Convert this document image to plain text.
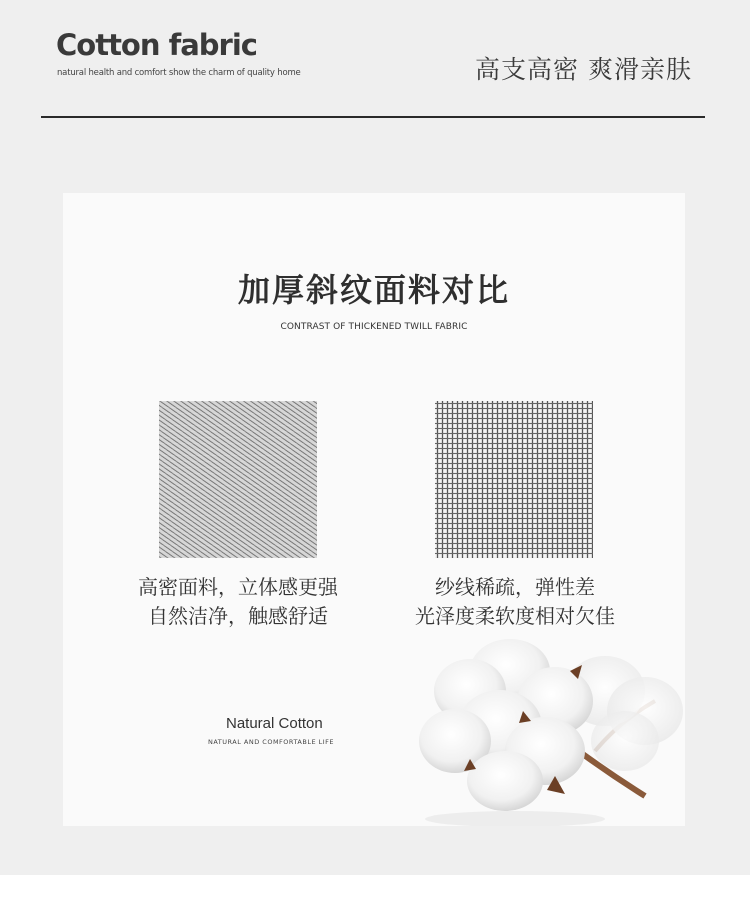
Cotton fabric
natural health and comfort show the charm of quality home	高支高密 爽滑亲肤
加厚斜纹面料对比
CONTRAST OF THICKENED TWILL FABRIC
高密面料，立体感更强
自然洁净，触感舒适
纱线稀疏，弹性差
光泽度柔软度相对欠佳
Natural Cotton
NATURAL AND COMFORTABLE LIFE
